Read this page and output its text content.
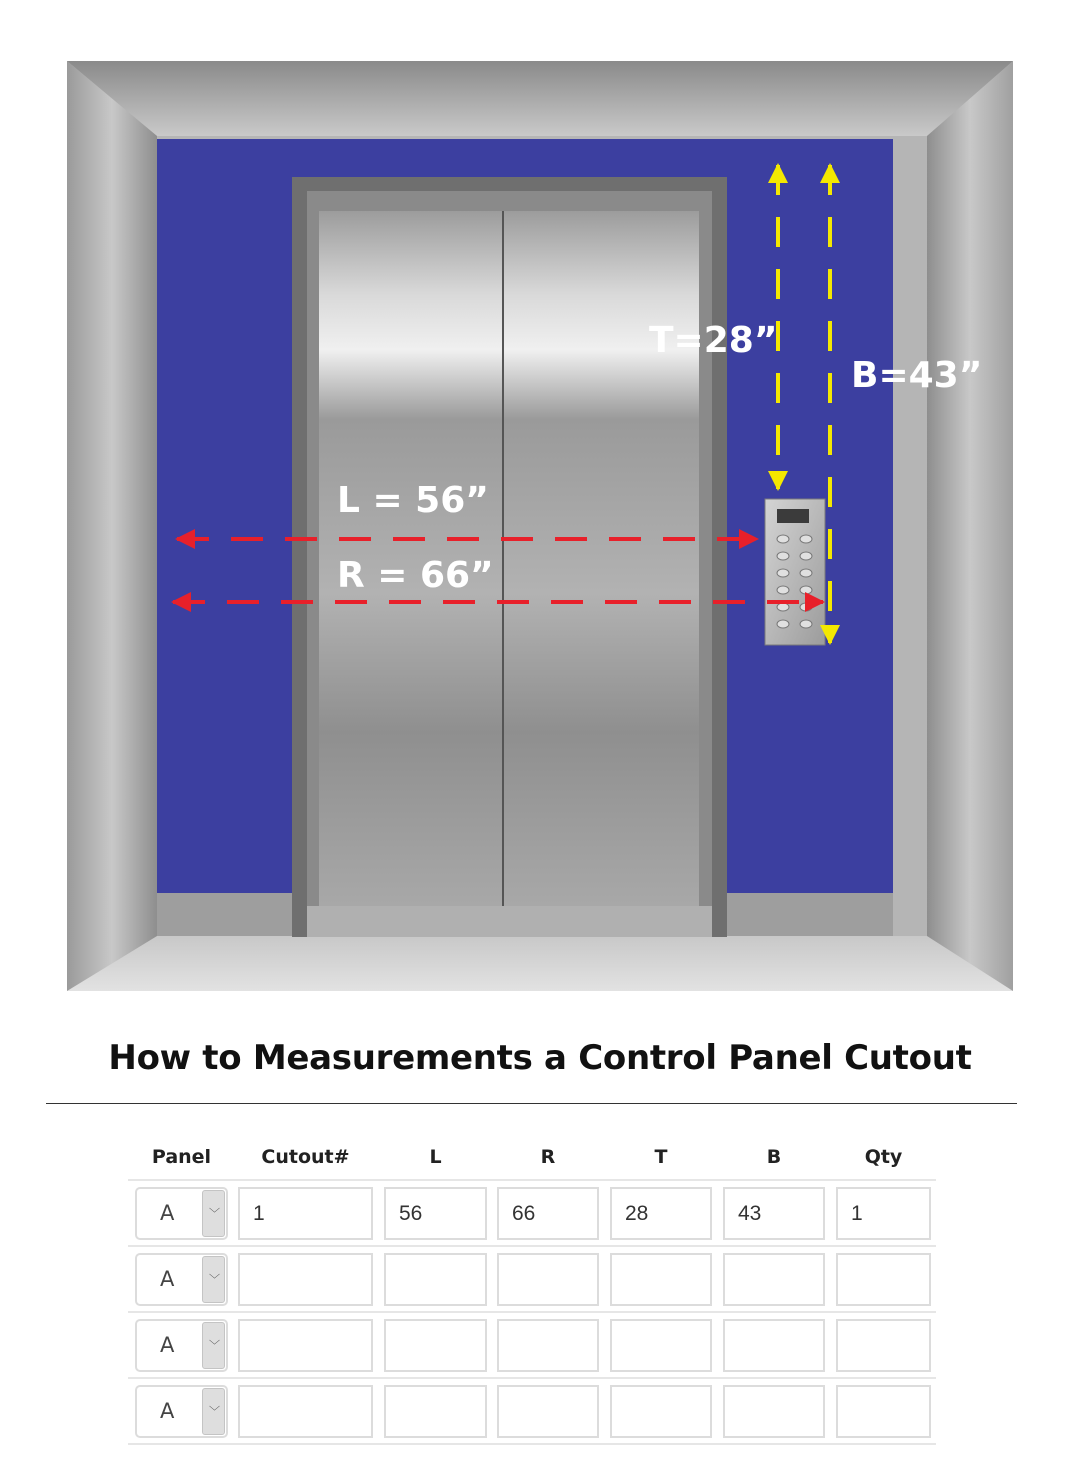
T=28”
B=43”
L = 56”
R = 66”
How to Measurements a Control Panel Cutout
Panel	Cutout#	L	R	T	B	Qty
A	﹀	1	56	66	28	43	1
A	﹀
A	﹀
A	﹀
